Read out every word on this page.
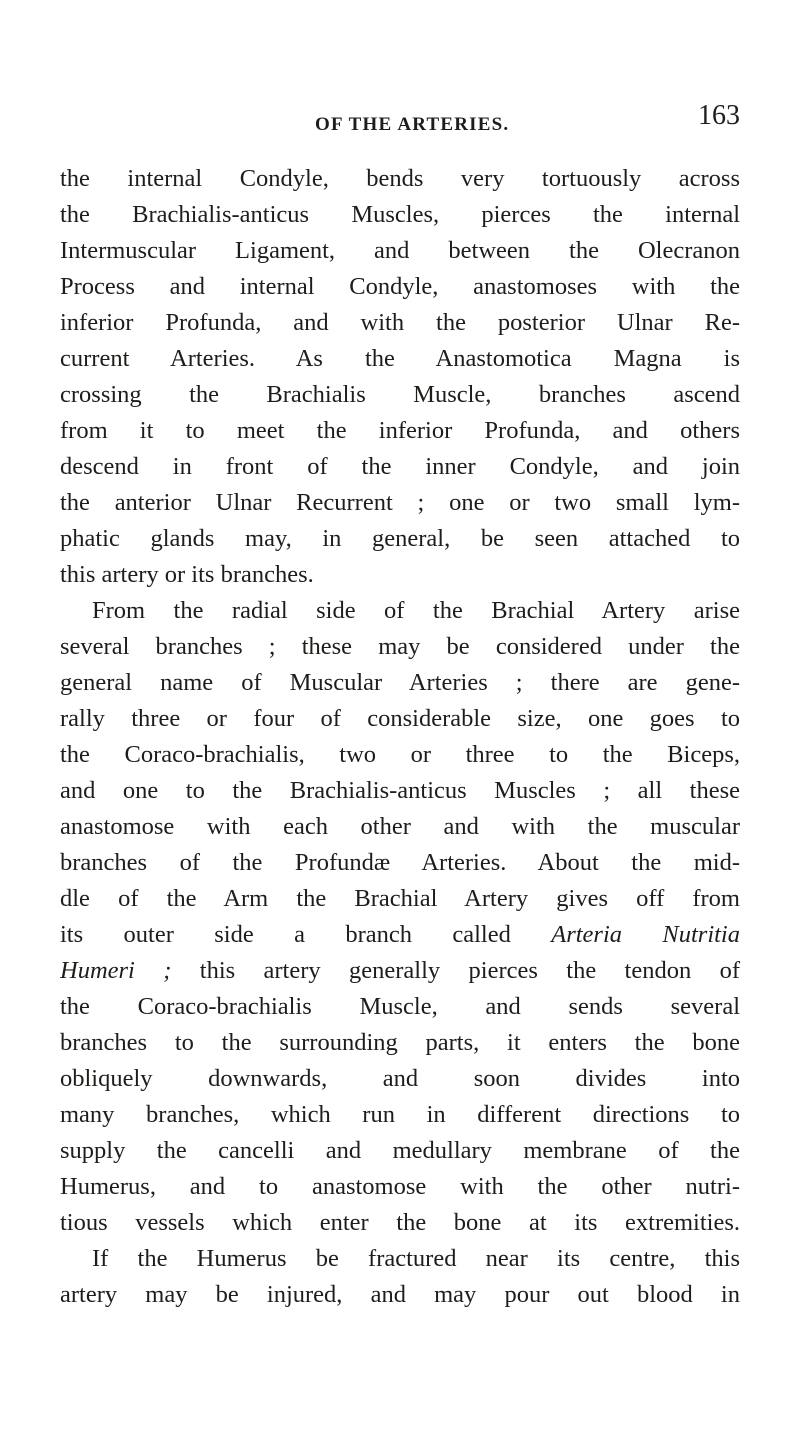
OF THE ARTERIES.	163
the internal Condyle, bends very tortuously across
the Brachialis-anticus Muscles, pierces the internal
Intermuscular Ligament, and between the Olecranon
Process and internal Condyle, anastomoses with the
inferior Profunda, and with the posterior Ulnar Re-
current Arteries. As the Anastomotica Magna is
crossing the Brachialis Muscle, branches ascend
from it to meet the inferior Profunda, and others
descend in front of the inner Condyle, and join
the anterior Ulnar Recurrent ; one or two small lym-
phatic glands may, in general, be seen attached to
this artery or its branches.
From the radial side of the Brachial Artery arise
several branches ; these may be considered under the
general name of Muscular Arteries ; there are gene-
rally three or four of considerable size, one goes to
the Coraco-brachialis, two or three to the Biceps,
and one to the Brachialis-anticus Muscles ; all these
anastomose with each other and with the muscular
branches of the Profundæ Arteries. About the mid-
dle of the Arm the Brachial Artery gives off from
its outer side a branch called Arteria Nutritia
Humeri ; this artery generally pierces the tendon of
the Coraco-brachialis Muscle, and sends several
branches to the surrounding parts, it enters the bone
obliquely downwards, and soon divides into
many branches, which run in different directions to
supply the cancelli and medullary membrane of the
Humerus, and to anastomose with the other nutri-
tious vessels which enter the bone at its extremities.
If the Humerus be fractured near its centre, this
artery may be injured, and may pour out blood in
